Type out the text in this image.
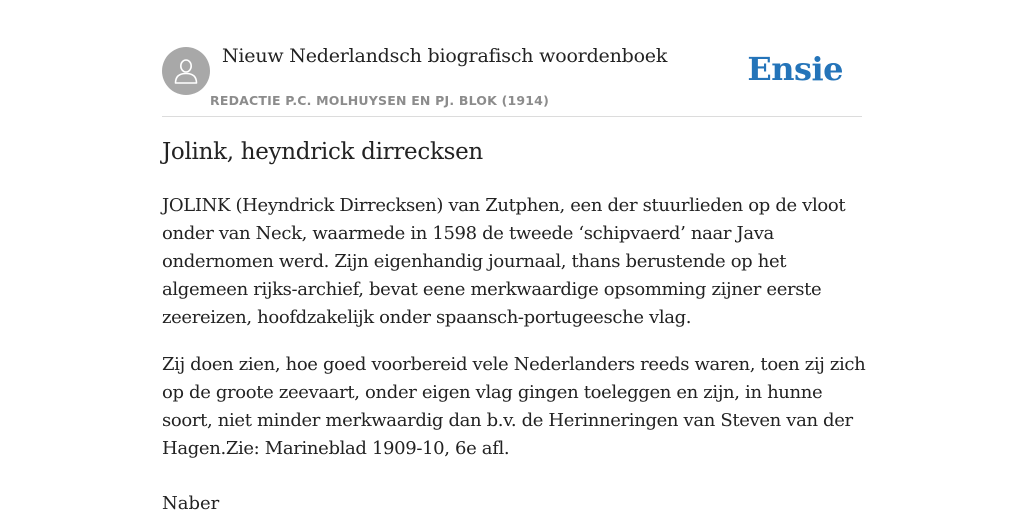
Nieuw Nederlandsch biografisch woordenboek
REDACTIE P.C. MOLHUYSEN EN PJ. BLOK (1914)
Ensie
Jolink, heyndrick dirrecksen

JOLINK (Heyndrick Dirrecksen) van Zutphen, een der stuurlieden op de vloot onder van Neck, waarmede in 1598 de tweede ‘schipvaerd’ naar Java ondernomen werd. Zijn eigenhandig journaal, thans berustende op het algemeen rijks-archief, bevat eene merkwaardige opsomming zijner eerste zeereizen, hoofdzakelijk onder spaansch-portugeesche vlag.

Zij doen zien, hoe goed voorbereid vele Nederlanders reeds waren, toen zij zich op de groote zeevaart, onder eigen vlag gingen toeleggen en zijn, in hunne soort, niet minder merkwaardig dan b.v. de Herinneringen van Steven van der Hagen.Zie: Marineblad 1909-10, 6e afl.

Naber
